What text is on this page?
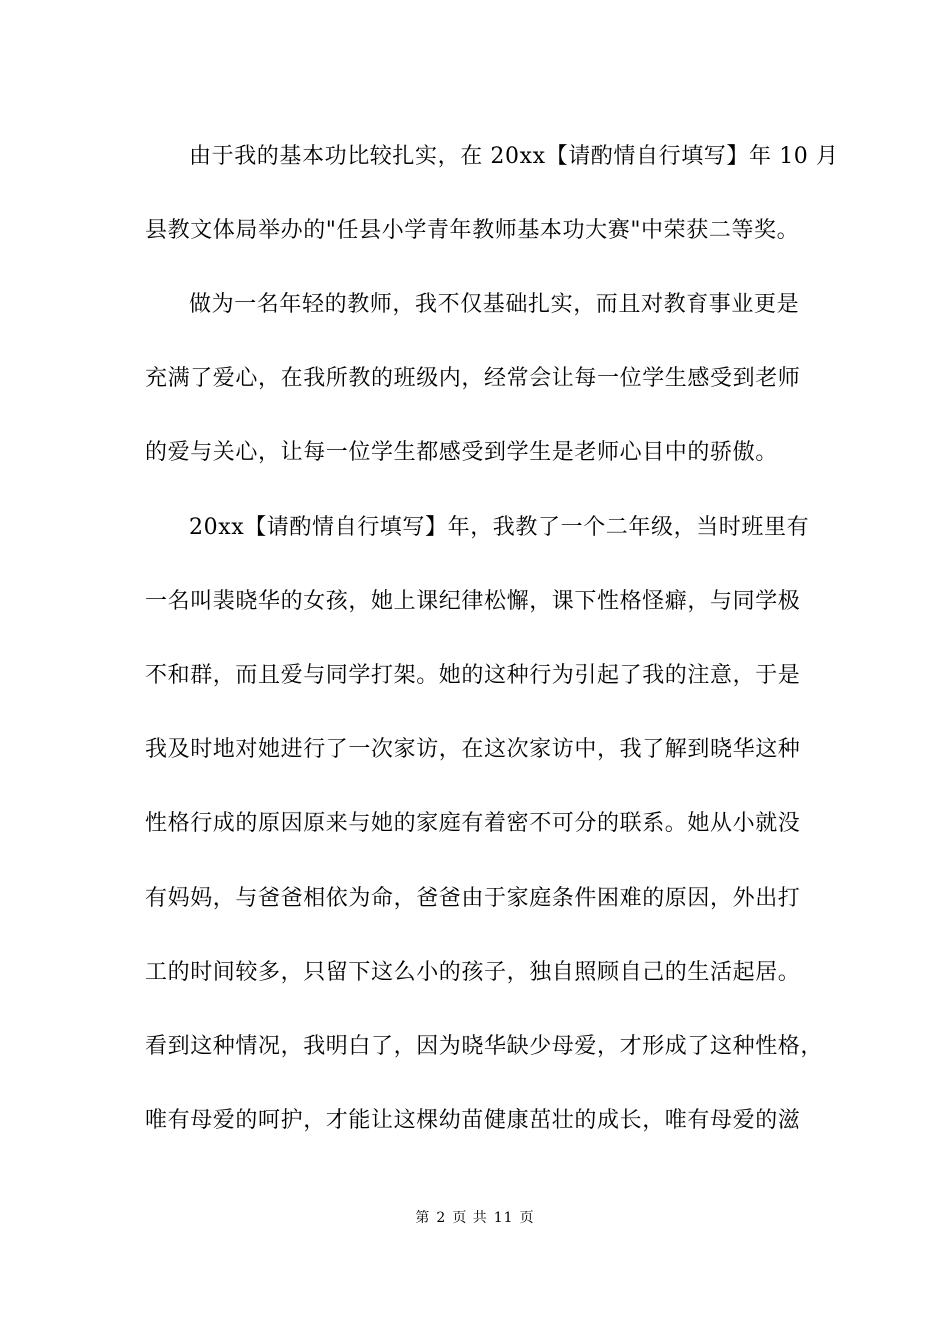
由于我的基本功比较扎实，在 20xx【请酌情自行填写】年 10 月
县教文体局举办的"任县小学青年教师基本功大赛"中荣获二等奖。
做为一名年轻的教师，我不仅基础扎实，而且对教育事业更是
充满了爱心，在我所教的班级内，经常会让每一位学生感受到老师
的爱与关心，让每一位学生都感受到学生是老师心目中的骄傲。
20xx【请酌情自行填写】年，我教了一个二年级，当时班里有
一名叫裴晓华的女孩，她上课纪律松懈，课下性格怪癖，与同学极
不和群，而且爱与同学打架。她的这种行为引起了我的注意，于是
我及时地对她进行了一次家访，在这次家访中，我了解到晓华这种
性格行成的原因原来与她的家庭有着密不可分的联系。她从小就没
有妈妈，与爸爸相依为命，爸爸由于家庭条件困难的原因，外出打
工的时间较多，只留下这么小的孩子，独自照顾自己的生活起居。
看到这种情况，我明白了，因为晓华缺少母爱，才形成了这种性格，
唯有母爱的呵护，才能让这棵幼苗健康茁壮的成长，唯有母爱的滋
第 2 页 共 11 页
